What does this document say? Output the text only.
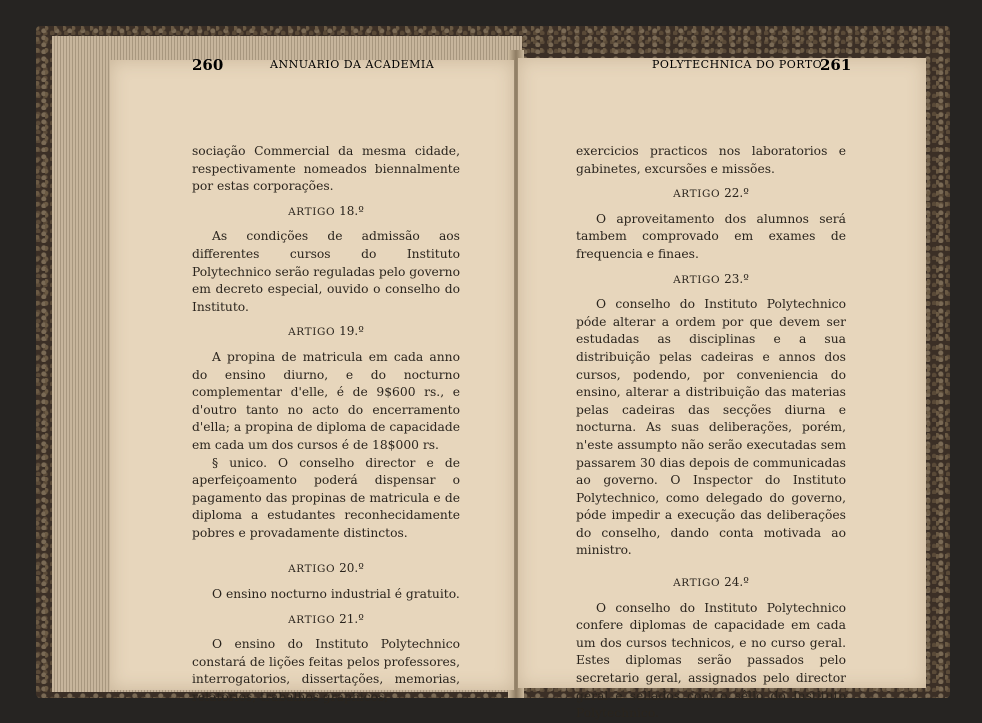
260	ANNUARIO DA ACADEMIA

sociação Commercial da mesma cidade, respectivamente nomeados biennalmente por estas corporações.

ARTIGO 18.º

As condições de admissão aos differentes cursos do Instituto Polytechnico serão reguladas pelo governo em decreto especial, ouvido o conselho do Instituto.

ARTIGO 19.º

A propina de matricula em cada anno do ensino diurno, e do nocturno complementar d'elle, é de 9$600 rs., e d'outro tanto no acto do encerramento d'ella; a propina de diploma de capacidade em cada um dos cursos é de 18$000 rs.

§ unico. O conselho director e de aperfeiçoamento poderá dispensar o pagamento das propinas de matricula e de diploma a estudantes reconhecidamente pobres e provadamente distinctos.

ARTIGO 20.º

O ensino nocturno industrial é gratuito.

ARTIGO 21.º

O ensino do Instituto Polytechnico constará de lições feitas pelos professores, interrogatorios, dissertações, memorias, relatorios, trabalhos graphicos,

POLYTECHNICA DO PORTO
261

exercicios practicos nos laboratorios e gabinetes, excursões e missões.

ARTIGO 22.º

O aproveitamento dos alumnos será tambem comprovado em exames de frequencia e finaes.

ARTIGO 23.º

O conselho do Instituto Polytechnico póde alterar a ordem por que devem ser estudadas as disciplinas e a sua distribuição pelas cadeiras e annos dos cursos, podendo, por conveniencia do ensino, alterar a distribuição das materias pelas cadeiras das secções diurna e nocturna. As suas deliberações, porém, n'este assumpto não serão executadas sem passarem 30 dias depois de communicadas ao governo. O Inspector do Instituto Polytechnico, como delegado do governo, póde impedir a execução das deliberações do conselho, dando conta motivada ao ministro.

ARTIGO 24.º

O conselho do Instituto Polytechnico confere diplomas de capacidade em cada um dos cursos technicos, e no curso geral. Estes diplomas serão passados pelo secretario geral, assignados pelo director geral e sellados com o sêllo do Instituto Polytechnico.
